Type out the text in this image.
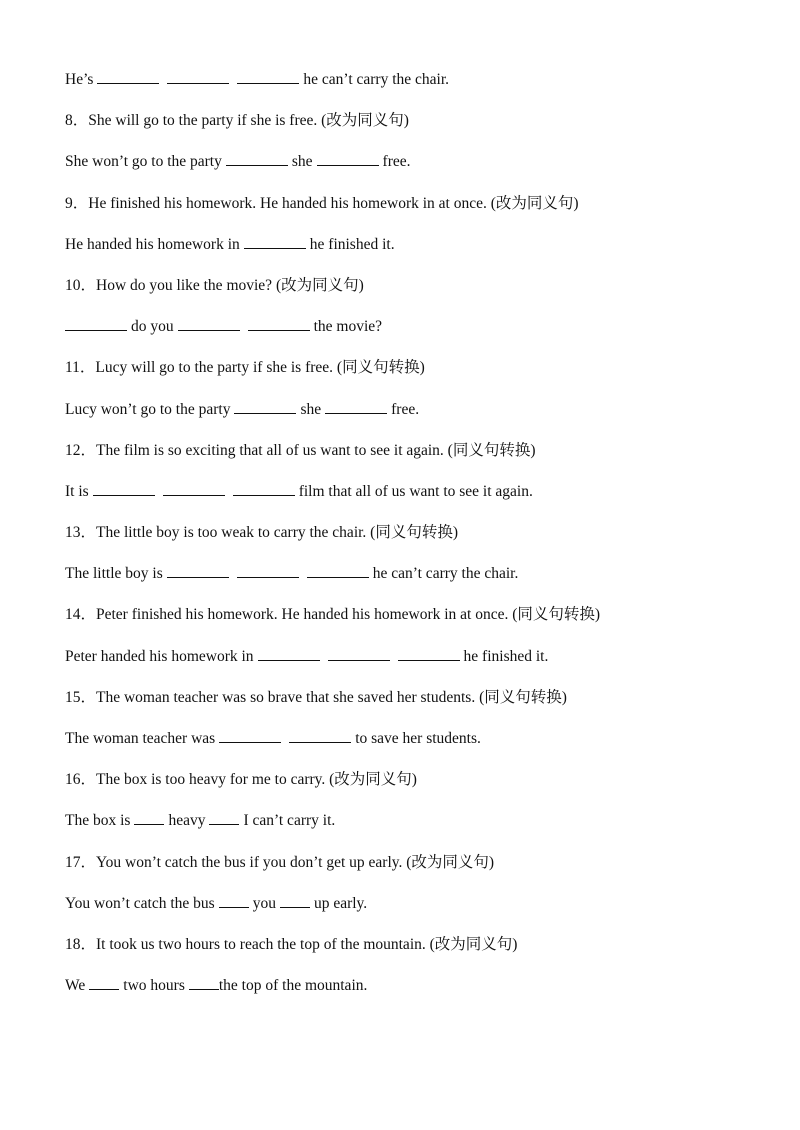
He’s	he can’t carry the chair.
8．She will go to the party if she is free. (改为同义句)
She won’t go to the party	she	free.
9．He finished his homework. He handed his homework in at once. (改为同义句)
He handed his homework in	he finished it.
10．How do you like the movie? (改为同义句)
do you	the movie?
11．Lucy will go to the party if she is free. (同义句转换)
Lucy won’t go to the party	she	free.
12．The film is so exciting that all of us want to see it again. (同义句转换)
It is	film that all of us want to see it again.
13．The little boy is too weak to carry the chair. (同义句转换)
The little boy is	he can’t carry the chair.
14．Peter finished his homework. He handed his homework in at once. (同义句转换)
Peter handed his homework in	he finished it.
15．The woman teacher was so brave that she saved her students. (同义句转换)
The woman teacher was	to save her students.
16．The box is too heavy for me to carry. (改为同义句)
The box is heavy I can’t carry it.
17．You won’t catch the bus if you don’t get up early. (改为同义句)
You won’t catch the bus you up early.
18．It took us two hours to reach the top of the mountain. (改为同义句)
We two hours the top of the mountain.
